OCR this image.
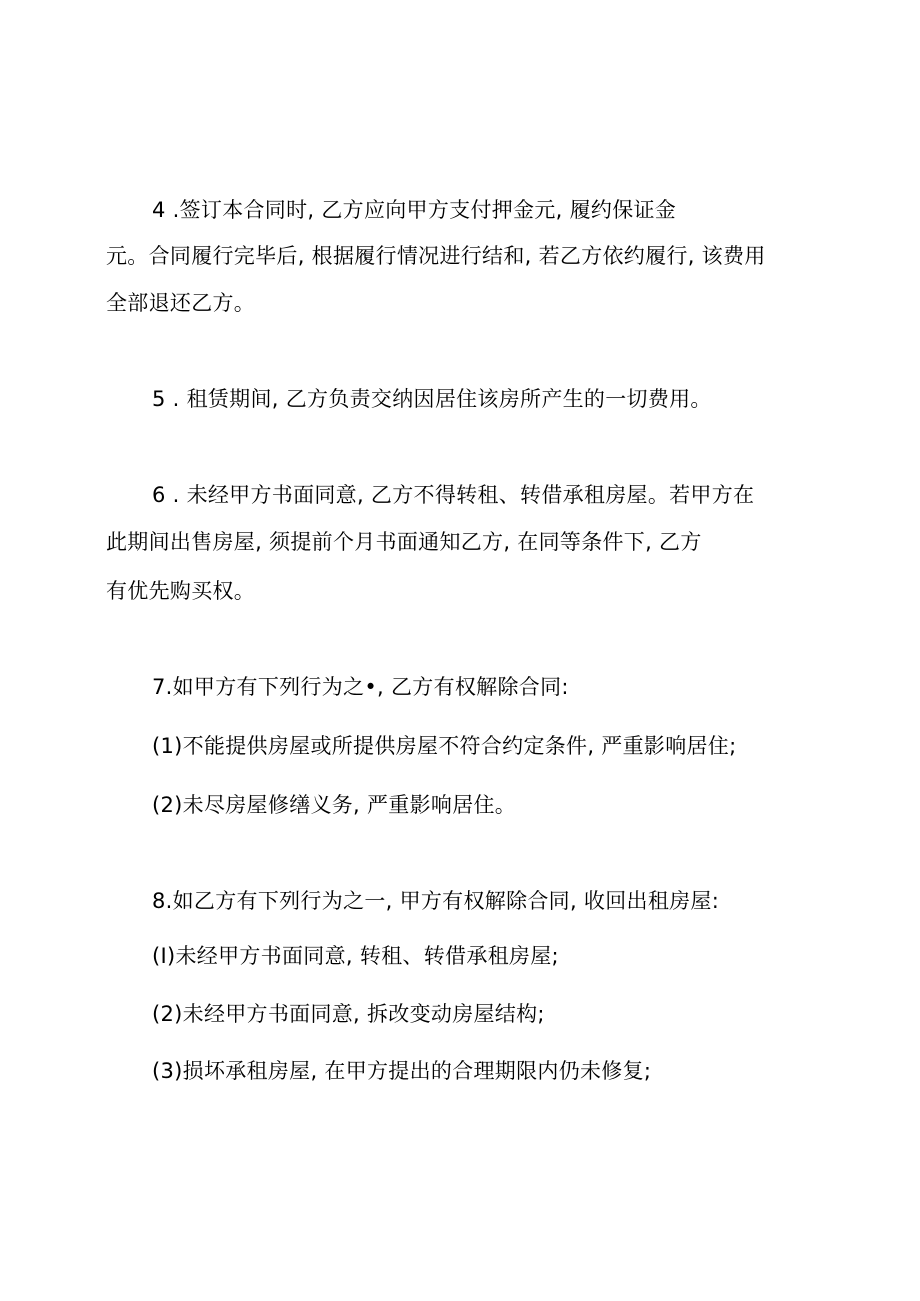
4 .签订本合同时, 乙方应向甲方支付押金元, 履约保证金
元。合同履行完毕后, 根据履行情况进行结和, 若乙方依约履行, 该费用
全部退还乙方。
5 . 租赁期间, 乙方负责交纳因居住该房所产生的一切费用。
6 . 未经甲方书面同意, 乙方不得转租、转借承租房屋。若甲方在
此期间出售房屋, 须提前个月书面通知乙方, 在同等条件下, 乙方
有优先购买权。
7.如甲方有下列行为之•, 乙方有权解除合同:
(1)不能提供房屋或所提供房屋不符合约定条件, 严重影响居住;
(2)未尽房屋修缮义务, 严重影响居住。
8.如乙方有下列行为之一, 甲方有权解除合同, 收回出租房屋:
(I)未经甲方书面同意, 转租、转借承租房屋;
(2)未经甲方书面同意, 拆改变动房屋结构;
(3)损坏承租房屋, 在甲方提出的合理期限内仍未修复;
